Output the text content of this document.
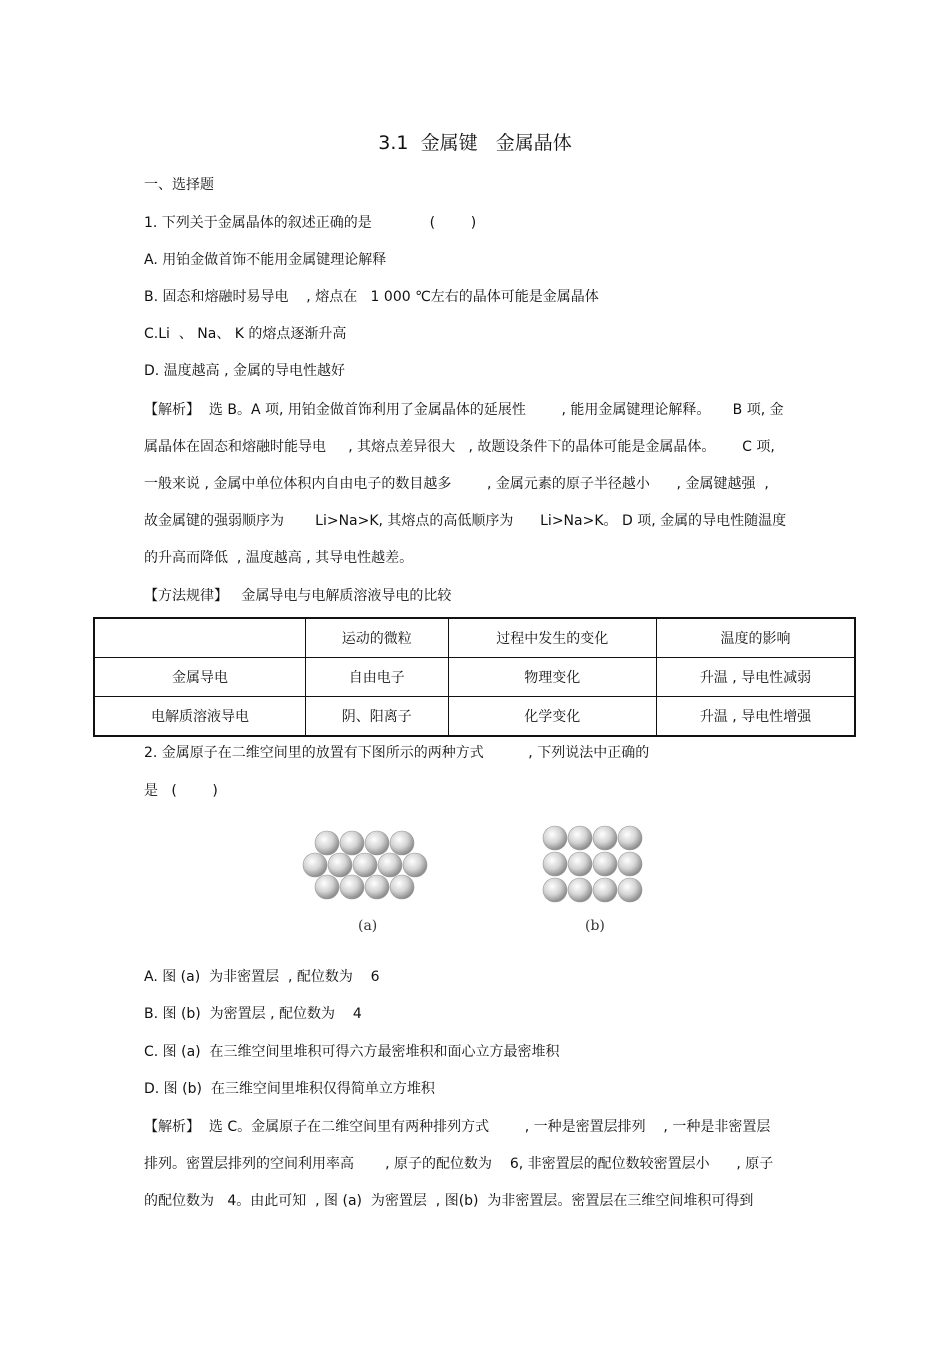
3.1  金属键   金属晶体
一、选择题
1. 下列关于金属晶体的叙述正确的是             (        )
A. 用铂金做首饰不能用金属键理论解释
B. 固态和熔融时易导电    , 熔点在   1 000 ℃左右的晶体可能是金属晶体
C.Li  、 Na、 K 的熔点逐渐升高
D. 温度越高 , 金属的导电性越好
【解析】  选 B。A 项, 用铂金做首饰利用了金属晶体的延展性        , 能用金属键理论解释。     B 项, 金
属晶体在固态和熔融时能导电     , 其熔点差异很大   , 故题设条件下的晶体可能是金属晶体。      C 项,
一般来说 , 金属中单位体积内自由电子的数目越多        , 金属元素的原子半径越小      , 金属键越强  ,
故金属键的强弱顺序为       Li>Na>K, 其熔点的高低顺序为      Li>Na>K。 D 项, 金属的导电性随温度
的升高而降低  , 温度越高 , 其导电性越差。
【方法规律】   金属导电与电解质溶液导电的比较
	运动的微粒	过程中发生的变化	温度的影响
金属导电	自由电子	物理变化	升温 , 导电性减弱
电解质溶液导电	阴、阳离子	化学变化	升温 , 导电性增强
2. 金属原子在二维空间里的放置有下图所示的两种方式          , 下列说法中正确的
是   (        )
(a)	(b)
A. 图 (a)  为非密置层  , 配位数为    6
B. 图 (b)  为密置层 , 配位数为    4
C. 图 (a)  在三维空间里堆积可得六方最密堆积和面心立方最密堆积
D. 图 (b)  在三维空间里堆积仅得简单立方堆积
【解析】  选 C。金属原子在二维空间里有两种排列方式        , 一种是密置层排列    , 一种是非密置层
排列。密置层排列的空间利用率高       , 原子的配位数为    6, 非密置层的配位数较密置层小      , 原子
的配位数为   4。由此可知  , 图 (a)  为密置层  , 图(b)  为非密置层。密置层在三维空间堆积可得到
